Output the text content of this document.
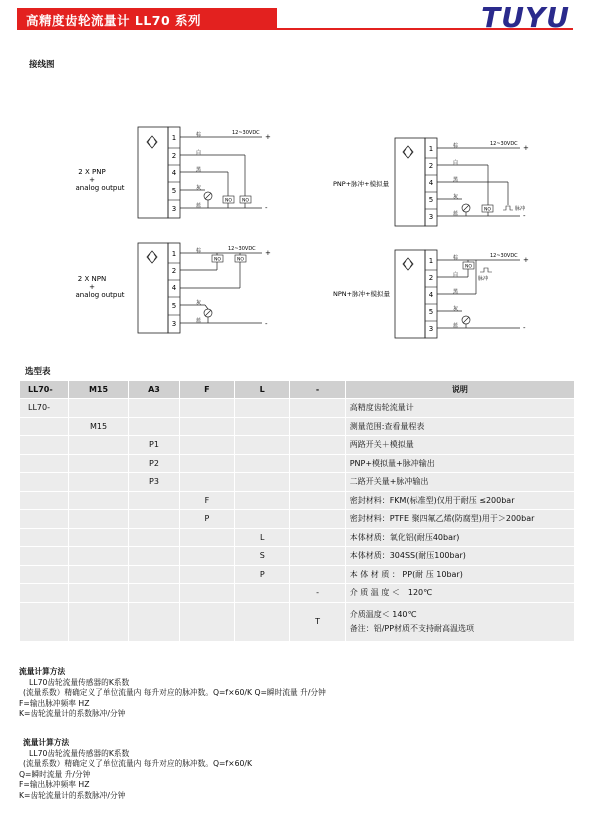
高精度齿轮流量计 LL70 系列	TUYU
接线图
2 X PNP
+
analog output
1
2
4
5
3
NO NO
棕
白
黑
灰
蓝
12~30VDC +
-
2 X NPN
+
analog output
1
2
4
5
3
NO	NO
棕
灰
蓝
12~30VDC +
-
PNP+脉冲+模拟量
1
2
4
5
3
NO	脉冲
棕
白
黑
灰
蓝
12~30VDC +
-
NPN+脉冲+模拟量
1
2
4
5
3
NO
脉冲
棕
白
黑
灰
蓝
12~30VDC +
-
选型表
LL70-	M15	A3	F	L	-	说明
LL70-						高精度齿轮流量计

	M15					测量范围:查看量程表

		P1				两路开关＋模拟量

		P2				PNP+模拟量+脉冲输出

		P3				二路开关量+脉冲输出

			F			密封材料：FKM(标准型)仅用于耐压 ≤200bar

			P			密封材料：PTFE 聚四氟乙烯(防腐型)用于＞200bar

				L		本体材质：氧化铝(耐压40bar)

				S		本体材质：304SS(耐压100bar)

				P		本 体 材 质 ： PP(耐 压 10bar)

					-	介 质 温 度 ＜　120℃

					T	介质温度＜ 140℃
备注：铝/PP材质不支持耐高温选项
流量计算方法
LL70齿轮流量传感器的K系数
(流量系数）精确定义了单位流量内 每升对应的脉冲数。Q=f×60/K Q=瞬时流量 升/分钟
F=输出脉冲频率 HZ
K=齿轮流量计的系数脉冲/分钟
流量计算方法
LL70齿轮流量传感器的K系数
(流量系数）精确定义了单位流量内 每升对应的脉冲数。Q=f×60/K
Q=瞬时流量 升/分钟
F=输出脉冲频率 HZ
K=齿轮流量计的系数脉冲/分钟
